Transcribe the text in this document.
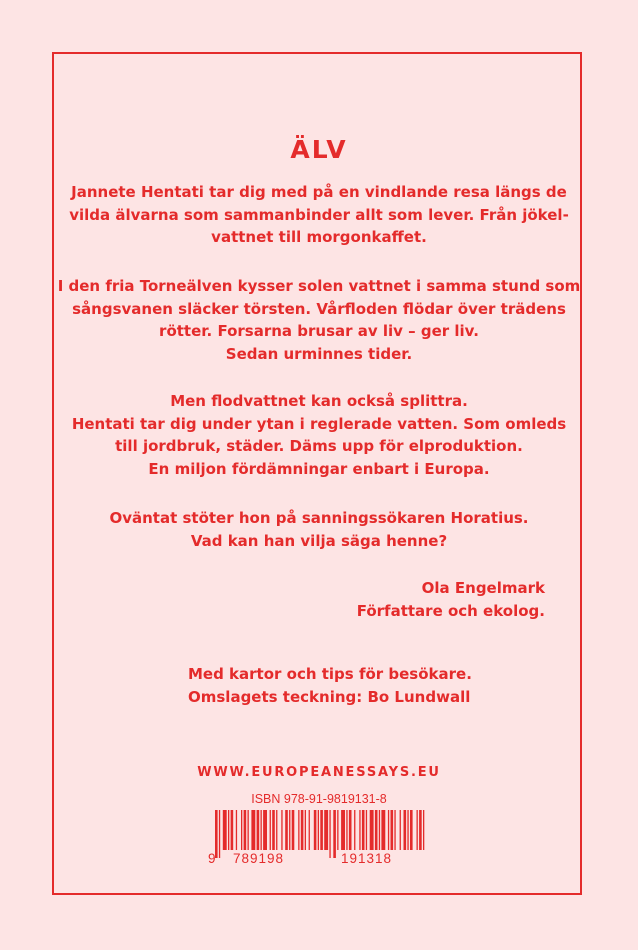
ÄLV
Jannete Hentati tar dig med på en vindlande resa längs de
vilda älvarna som sammanbinder allt som lever. Från jökel-
vattnet till morgonkaffet.
I den fria Torneälven kysser solen vattnet i samma stund som
sångsvanen släcker törsten. Vårfloden flödar över trädens
rötter. Forsarna brusar av liv – ger liv.
Sedan urminnes tider.
Men flodvattnet kan också splittra.
Hentati tar dig under ytan i reglerade vatten. Som omleds
till jordbruk, städer. Däms upp för elproduktion.
En miljon fördämningar enbart i Europa.
Oväntat stöter hon på sanningssökaren Horatius.
Vad kan han vilja säga henne?
Ola Engelmark
Författare och ekolog.
Med kartor och tips för besökare.
Omslagets teckning: Bo Lundwall
WWW.EUROPEANESSAYS.EU
ISBN 978-91-9819131-8
9 789198	191318
